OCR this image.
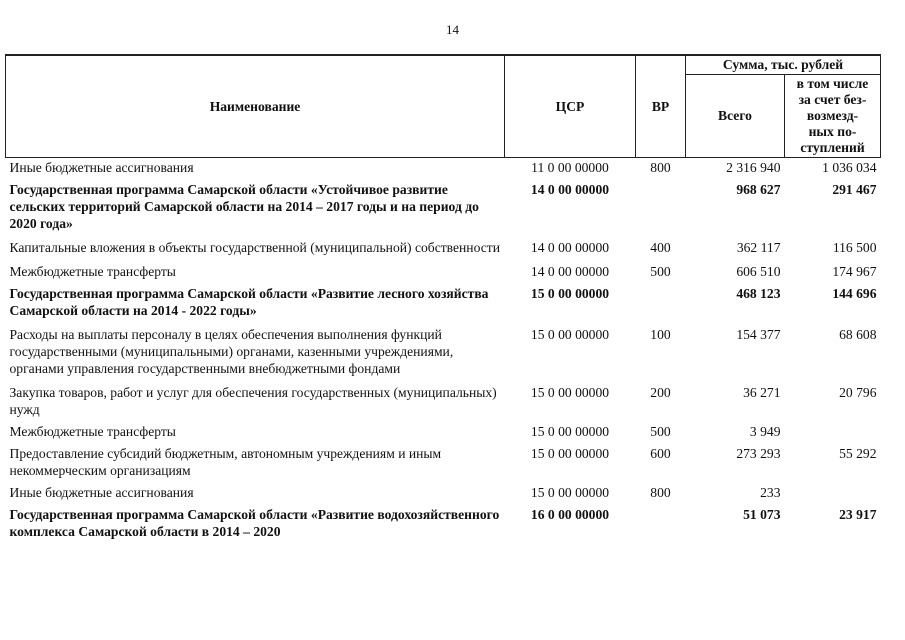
14
Наименование	ЦСР	ВР	Сумма, тыс. рублей	
			Всего	в том числе
за счет без-
возмезд-
ных по-
ступлений

Иные бюджетные ассигнования	11 0 00 00000	800	2 316 940	1 036 034
Государственная программа Самарской области «Устойчивое развитие сельских территорий Самарской области на 2014 – 2017 годы и на период до 2020 года»	14 0 00 00000		968 627	291 467
Капитальные вложения в объекты государственной (муниципальной) собственности	14 0 00 00000	400	362 117	116 500
Межбюджетные трансферты	14 0 00 00000	500	606 510	174 967
Государственная программа Самарской области «Развитие лесного хозяйства Самарской области на 2014 - 2022 годы»	15 0 00 00000		468 123	144 696
Расходы на выплаты персоналу в целях обеспечения выполнения функций государственными (муниципальными) органами, казенными учреждениями, органами управления государственными внебюджетными фондами	15 0 00 00000	100	154 377	68 608
Закупка товаров, работ и услуг для обеспечения государственных (муниципальных) нужд	15 0 00 00000	200	36 271	20 796
Межбюджетные трансферты	15 0 00 00000	500	3 949	
Предоставление субсидий бюджетным, автономным учреждениям и иным некоммерческим организациям	15 0 00 00000	600	273 293	55 292
Иные бюджетные ассигнования	15 0 00 00000	800	233	
Государственная программа Самарской области «Развитие водохозяйственного комплекса Самарской области в 2014 – 2020	16 0 00 00000		51 073	23 917
